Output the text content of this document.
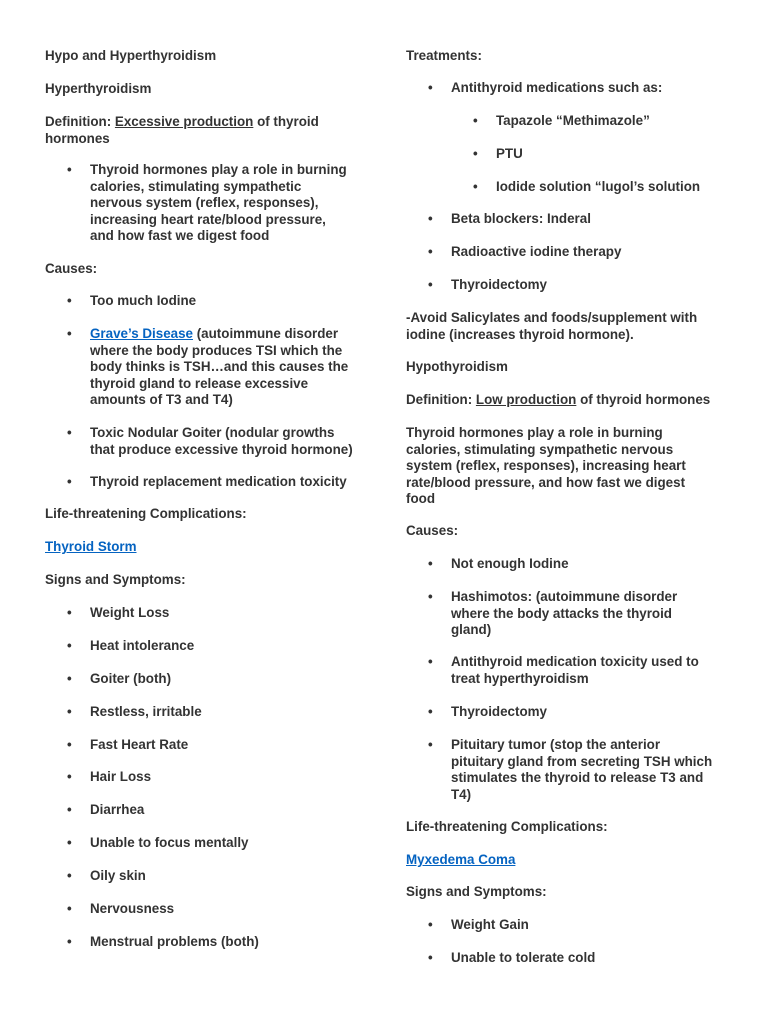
Hypo and Hyperthyroidism

Hyperthyroidism

Definition: Excessive production of thyroid
hormones

• Thyroid hormones play a role in burning
calories, stimulating sympathetic
nervous system (reflex, responses),
increasing heart rate/blood pressure,
and how fast we digest food

Causes:

• Too much Iodine
• Grave’s Disease (autoimmune disorder
where the body produces TSI which the
body thinks is TSH…and this causes the
thyroid gland to release excessive
amounts of T3 and T4)
• Toxic Nodular Goiter (nodular growths
that produce excessive thyroid hormone)
• Thyroid replacement medication toxicity

Life-threatening Complications:

Thyroid Storm

Signs and Symptoms:

• Weight Loss
• Heat intolerance
• Goiter (both)
• Restless, irritable
• Fast Heart Rate
• Hair Loss
• Diarrhea
• Unable to focus mentally
• Oily skin
• Nervousness
• Menstrual problems (both)

Treatments:

• Antithyroid medications such as:
• Tapazole “Methimazole”
• PTU
• Iodide solution “lugol’s solution
• Beta blockers: Inderal
• Radioactive iodine therapy
• Thyroidectomy

-Avoid Salicylates and foods/supplement with
iodine (increases thyroid hormone).

Hypothyroidism

Definition: Low production of thyroid hormones

Thyroid hormones play a role in burning
calories, stimulating sympathetic nervous
system (reflex, responses), increasing heart
rate/blood pressure, and how fast we digest
food

Causes:

• Not enough Iodine
• Hashimotos: (autoimmune disorder
where the body attacks the thyroid
gland)
• Antithyroid medication toxicity used to
treat hyperthyroidism
• Thyroidectomy
• Pituitary tumor (stop the anterior
pituitary gland from secreting TSH which
stimulates the thyroid to release T3 and
T4)

Life-threatening Complications:

Myxedema Coma

Signs and Symptoms:

• Weight Gain
• Unable to tolerate cold
